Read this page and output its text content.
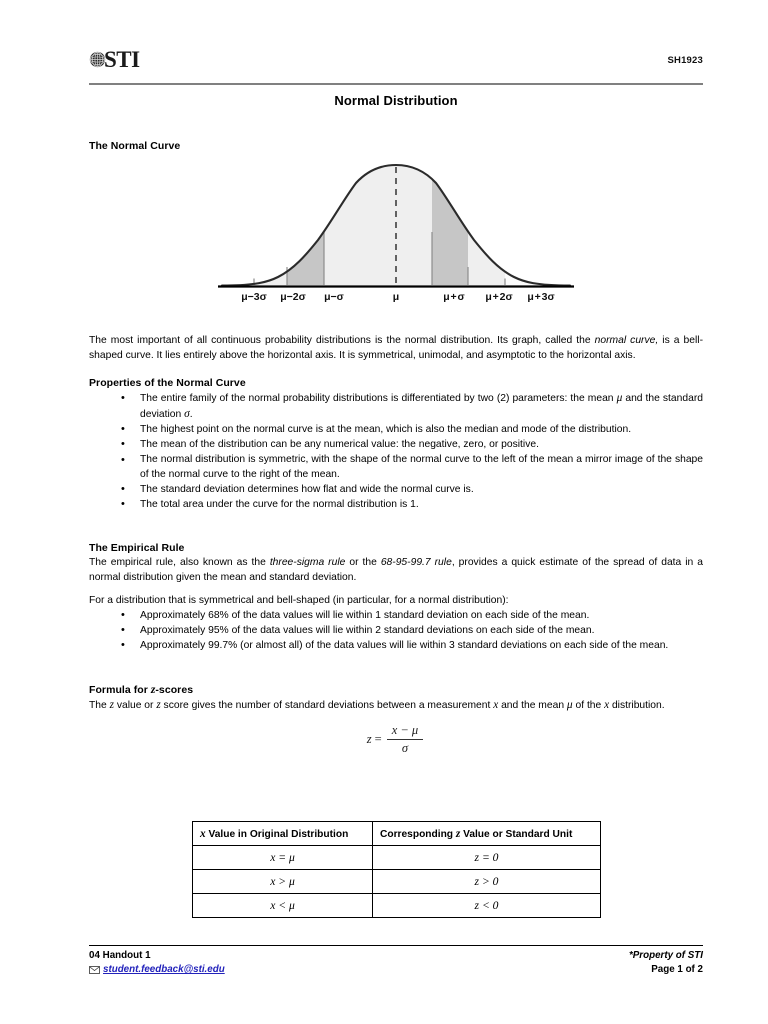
STI	SH1923
Normal Distribution
μ−3σ μ−2σ μ−σ	μ	μ + σ μ + 2σ μ + 3σ
The Normal Curve

The most important of all continuous probability distributions is the normal distribution. Its graph, called the normal curve, is a bell-shaped curve. It lies entirely above the horizontal axis. It is symmetrical, unimodal, and asymptotic to the horizontal axis.

Properties of the Normal Curve
• The entire family of the normal probability distributions is differentiated by two (2) parameters: the mean μ and the standard deviation σ.
• The highest point on the normal curve is at the mean, which is also the median and mode of the distribution.
• The mean of the distribution can be any numerical value: the negative, zero, or positive.
• The normal distribution is symmetric, with the shape of the normal curve to the left of the mean a mirror image of the shape of the normal curve to the right of the mean.
• The standard deviation determines how flat and wide the normal curve is.
• The total area under the curve for the normal distribution is 1.
The Empirical Rule

The empirical rule, also known as the three-sigma rule or the 68-95-99.7 rule, provides a quick estimate of the spread of data in a normal distribution given the mean and standard deviation.

For a distribution that is symmetrical and bell-shaped (in particular, for a normal distribution):

• Approximately 68% of the data values will lie within 1 standard deviation on each side of the mean.
• Approximately 95% of the data values will lie within 2 standard deviations on each side of the mean.
• Approximately 99.7% (or almost all) of the data values will lie within 3 standard deviations on each side of the mean.
Formula for z-scores

The z value or z score gives the number of standard deviations between a measurement x and the mean μ of the x distribution.

$z = \frac{x - \mu}{\sigma}$
x Value in Original Distribution	Corresponding z Value or Standard Unit
x = μ	z = 0
x > μ	z > 0
x < μ	z < 0
04 Handout 1
student.feedback@sti.edu
*Property of STI
Page 1 of 2
